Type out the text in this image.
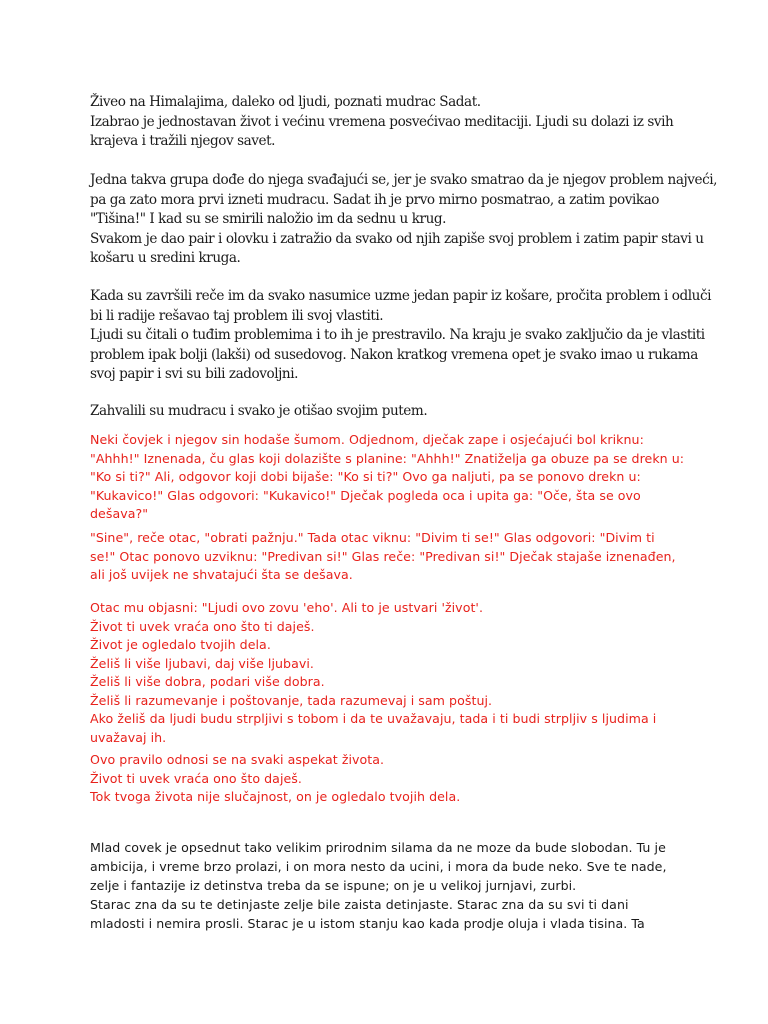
Živeo na Himalajima, daleko od ljudi, poznati mudrac Sadat.
Izabrao je jednostavan život i većinu vremena posvećivao meditaciji. Ljudi su dolazi iz svih
krajeva i tražili njegov savet.
Jedna takva grupa dođe do njega svađajući se, jer je svako smatrao da je njegov problem najveći,
pa ga zato mora prvi izneti mudracu. Sadat ih je prvo mirno posmatrao, a zatim povikao
"Tišina!" I kad su se smirili naložio im da sednu u krug.
Svakom je dao pair i olovku i zatražio da svako od njih zapiše svoj problem i zatim papir stavi u
košaru u sredini kruga.
Kada su završili reče im da svako nasumice uzme jedan papir iz košare, pročita problem i odluči
bi li radije rešavao taj problem ili svoj vlastiti.
Ljudi su čitali o tuđim problemima i to ih je prestravilo. Na kraju je svako zaključio da je vlastiti
problem ipak bolji (lakši) od susedovog. Nakon kratkog vremena opet je svako imao u rukama
svoj papir i svi su bili zadovoljni.
Zahvalili su mudracu i svako je otišao svojim putem.
Neki čovjek i njegov sin hodaše šumom. Odjednom, dječak zape i osjećajući bol kriknu:
"Ahhh!" Iznenada, ču glas koji dolazište s planine: "Ahhh!" Znatiželja ga obuze pa se drekn u:
"Ko si ti?" Ali, odgovor koji dobi bijaše: "Ko si ti?" Ovo ga naljuti, pa se ponovo drekn u:
"Kukavico!" Glas odgovori: "Kukavico!" Dječak pogleda oca i upita ga: "Oče, šta se ovo
dešava?"
"Sine", reče otac, "obrati pažnju." Tada otac viknu: "Divim ti se!" Glas odgovori: "Divim ti
se!" Otac ponovo uzviknu: "Predivan si!" Glas reče: "Predivan si!" Dječak stajaše iznenađen,
ali još uvijek ne shvatajući šta se dešava.
Otac mu objasni: "Ljudi ovo zovu 'eho'. Ali to je ustvari 'život'.
Život ti uvek vraća ono što ti daješ.
Život je ogledalo tvojih dela.
Želiš li više ljubavi, daj više ljubavi.
Želiš li više dobra, podari više dobra.
Želiš li razumevanje i poštovanje, tada razumevaj i sam poštuj.
Ako želiš da ljudi budu strpljivi s tobom i da te uvažavaju, tada i ti budi strpljiv s ljudima i
uvažavaj ih.
Ovo pravilo odnosi se na svaki aspekat života.
Život ti uvek vraća ono što daješ.
Tok tvoga života nije slučajnost, on je ogledalo tvojih dela.
Mlad covek je opsednut tako velikim prirodnim silama da ne moze da bude slobodan. Tu je
ambicija, i vreme brzo prolazi, i on mora nesto da ucini, i mora da bude neko. Sve te nade,
zelje i fantazije iz detinstva treba da se ispune; on je u velikoj jurnjavi, zurbi.
Starac zna da su te detinjaste zelje bile zaista detinjaste. Starac zna da su svi ti dani
mladosti i nemira prosli. Starac je u istom stanju kao kada prodje oluja i vlada tisina. Ta
